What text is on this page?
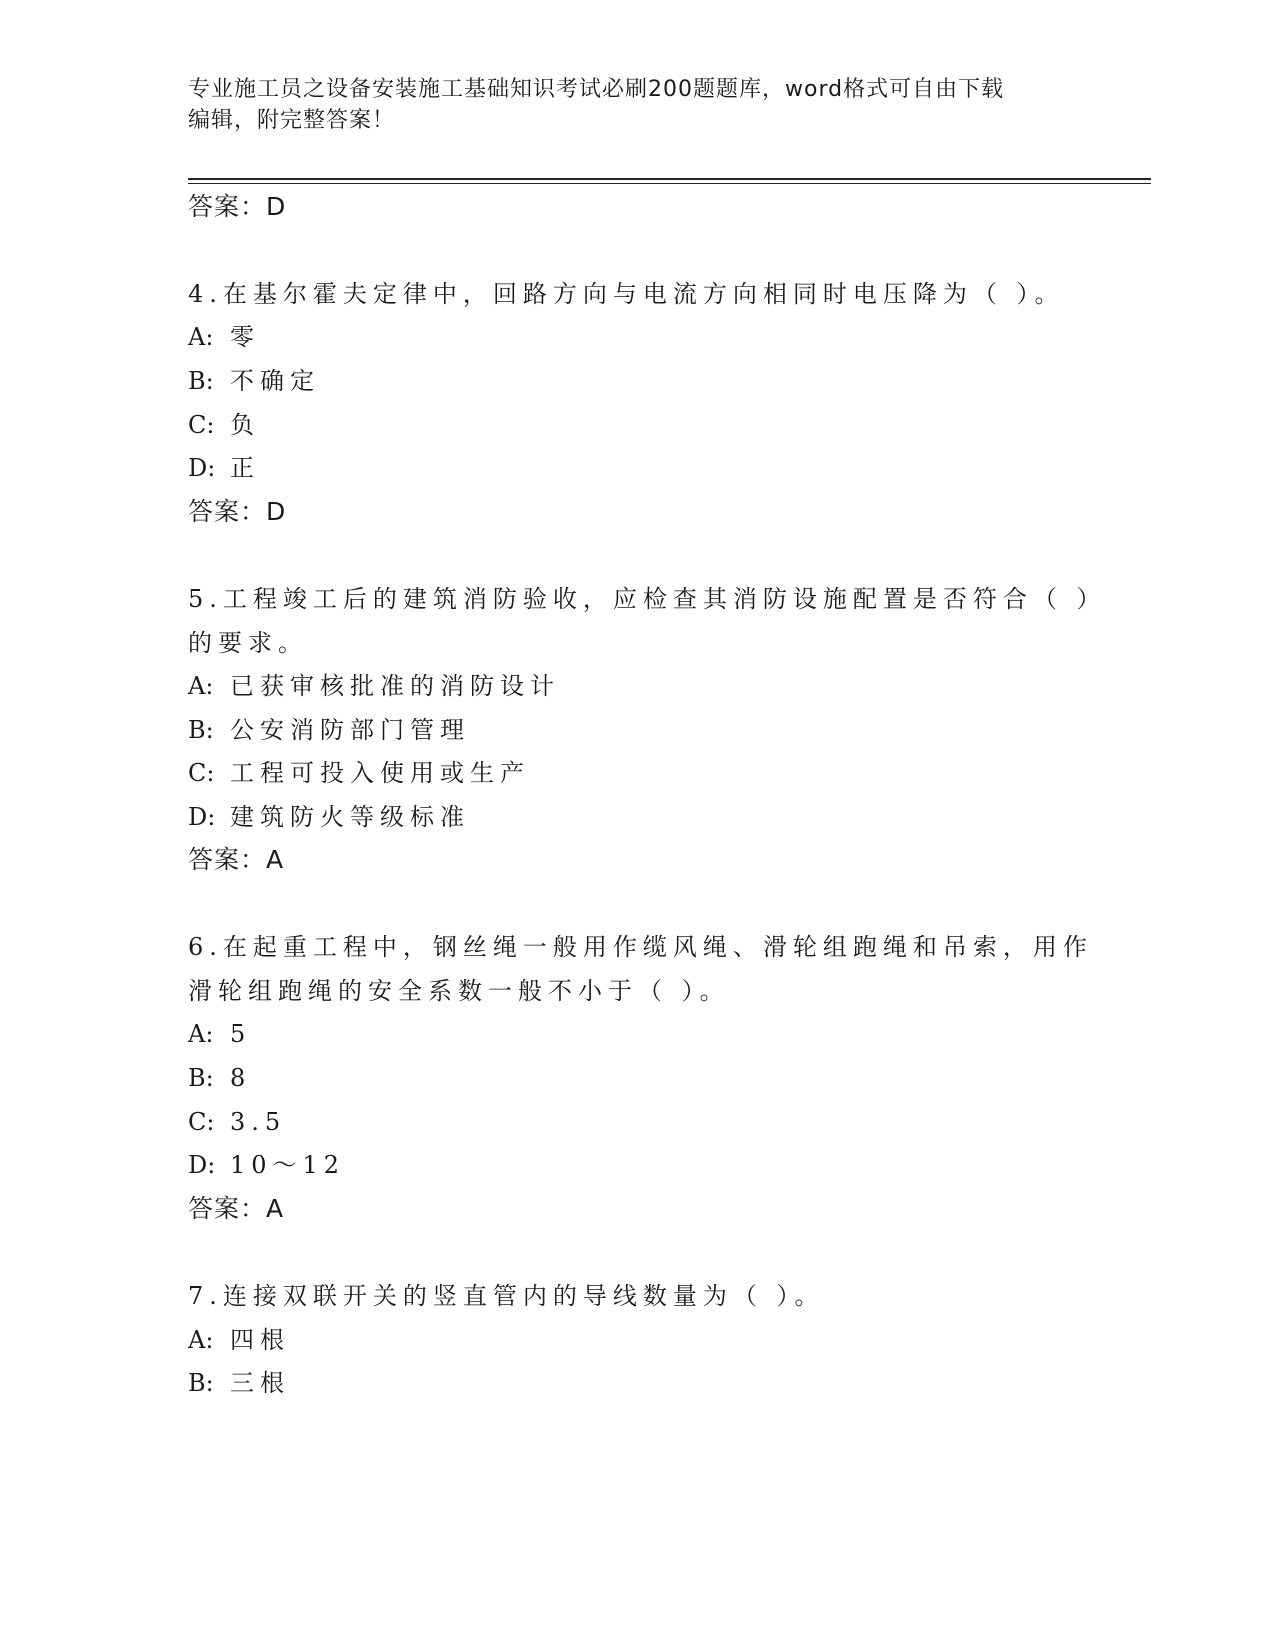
专业施工员之设备安装施工基础知识考试必刷200题题库，word格式可自由下载
编辑，附完整答案！
答案：D
4.在基尔霍夫定律中，回路方向与电流方向相同时电压降为（ ）。
A: 零
B: 不确定
C: 负
D: 正
答案：D
5.工程竣工后的建筑消防验收，应检查其消防设施配置是否符合（ ）
的要求。
A: 已获审核批准的消防设计
B: 公安消防部门管理
C: 工程可投入使用或生产
D: 建筑防火等级标准
答案：A
6.在起重工程中，钢丝绳一般用作缆风绳、滑轮组跑绳和吊索，用作
滑轮组跑绳的安全系数一般不小于（ ）。
A: 5
B: 8
C: 3.5
D: 10～12
答案：A
7.连接双联开关的竖直管内的导线数量为（ ）。
A: 四根
B: 三根
